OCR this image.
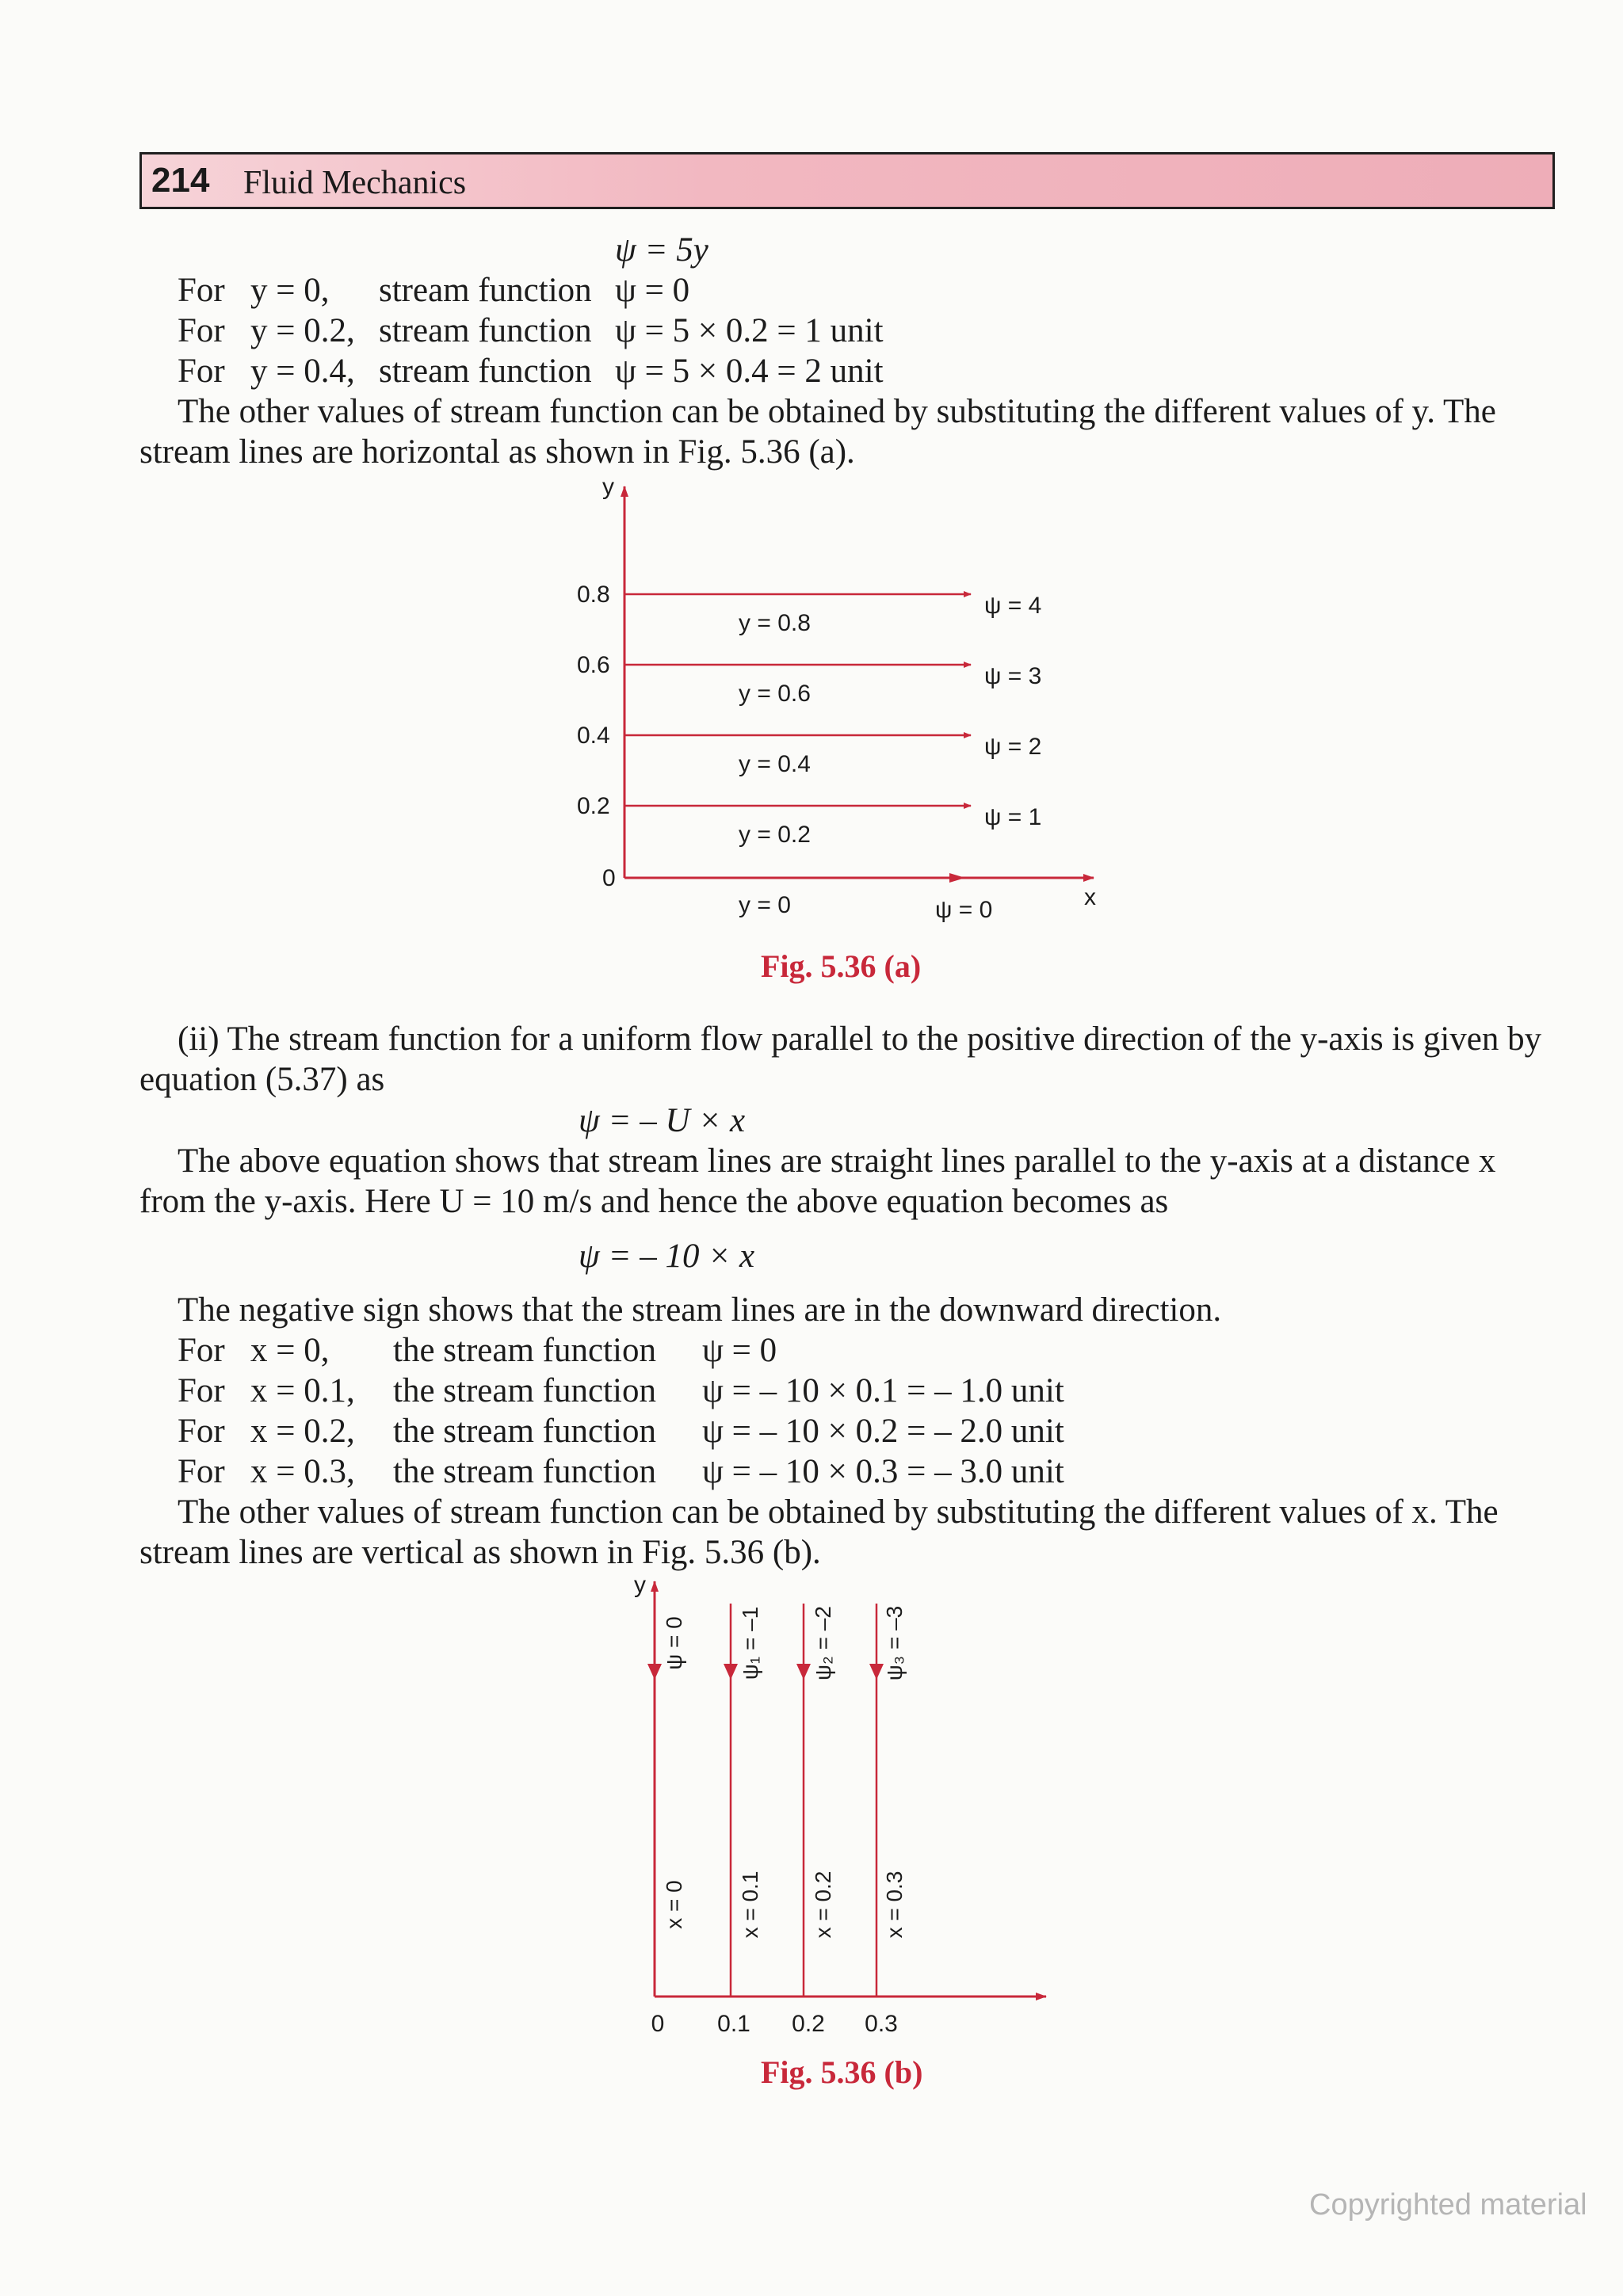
214 Fluid Mechanics
ψ = 5y
For y = 0, stream function ψ = 0
For y = 0.2, stream function ψ = 5 × 0.2 = 1 unit
For y = 0.4, stream function ψ = 5 × 0.4 = 2 unit
The other values of stream function can be obtained by substituting the different values of y. The
stream lines are horizontal as shown in Fig. 5.36 (a).
y
x
0.8
0.6
0.4
0.2
0
y = 0.8
y = 0.6
y = 0.4
y = 0.2
y = 0
ψ = 4
ψ = 3
ψ = 2
ψ = 1
ψ = 0
Fig. 5.36 (a)
(ii) The stream function for a uniform flow parallel to the positive direction of the y-axis is given by
equation (5.37) as
ψ = – U × x
The above equation shows that stream lines are straight lines parallel to the y-axis at a distance x
from the y-axis. Here U = 10 m/s and hence the above equation becomes as
ψ = – 10 × x
The negative sign shows that the stream lines are in the downward direction.
For x = 0, the stream function ψ = 0
For x = 0.1, the stream function ψ = – 10 × 0.1 = – 1.0 unit
For x = 0.2, the stream function ψ = – 10 × 0.2 = – 2.0 unit
For x = 0.3, the stream function ψ = – 10 × 0.3 = – 3.0 unit
The other values of stream function can be obtained by substituting the different values of x. The
stream lines are vertical as shown in Fig. 5.36 (b).
y
ψ = 0 ψ₁ = –1 ψ₂ = –2 ψ₃ = –3
x = 0 x = 0.1 x = 0.2 x = 0.3
0 0.1 0.2 0.3
Fig. 5.36 (b)
Copyrighted material
